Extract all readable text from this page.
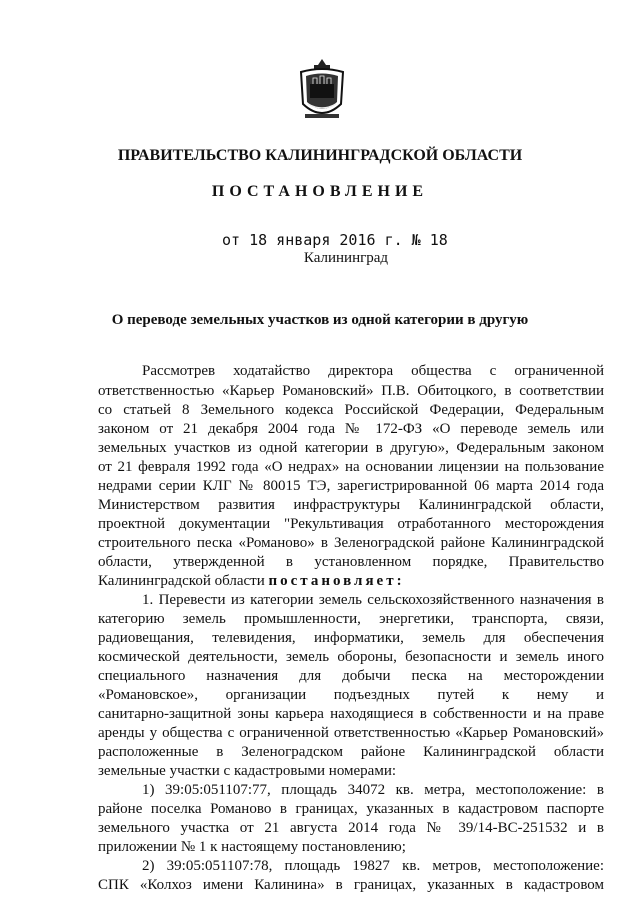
ПРАВИТЕЛЬСТВО КАЛИНИНГРАДСКОЙ ОБЛАСТИ
ПОСТАНОВЛЕНИЕ
от 18 января 2016 г. № 18
Калининград
О переводе земельных участков из одной категории в другую
Рассмотрев ходатайство директора общества с ограниченной
ответственностью «Карьер Романовский» П.В. Обитоцкого, в соответствии
со статьей 8 Земельного кодекса Российской Федерации, Федеральным
законом от 21 декабря 2004 года № 172-ФЗ «О переводе земель или
земельных участков из одной категории в другую», Федеральным законом
от 21 февраля 1992 года «О недрах» на основании лицензии на пользование
недрами серии КЛГ № 80015 ТЭ, зарегистрированной 06 марта 2014 года
Министерством развития инфраструктуры Калининградской области,
проектной документации "Рекультивация отработанного месторождения
строительного песка «Романово» в Зеленоградской районе Калининградской
области, утвержденной в установленном порядке, Правительство
Калининградской области постановляет:
1. Перевести из категории земель сельскохозяйственного назначения в
категорию земель промышленности, энергетики, транспорта, связи,
радиовещания, телевидения, информатики, земель для обеспечения
космической деятельности, земель обороны, безопасности и земель иного
специального назначения для добычи песка на месторождении
«Романовское», организации подъездных путей к нему и
санитарно-защитной зоны карьера находящиеся в собственности и на праве
аренды у общества с ограниченной ответственностью «Карьер Романовский»
расположенные в Зеленоградском районе Калининградской области
земельные участки с кадастровыми номерами:
1) 39:05:051107:77, площадь 34072 кв. метра, местоположение: в
районе поселка Романово в границах, указанных в кадастровом паспорте
земельного участка от 21 августа 2014 года № 39/14-ВС-251532 и в
приложении № 1 к настоящему постановлению;
2) 39:05:051107:78, площадь 19827 кв. метров, местоположение:
СПК «Колхоз имени Калинина» в границах, указанных в кадастровом
